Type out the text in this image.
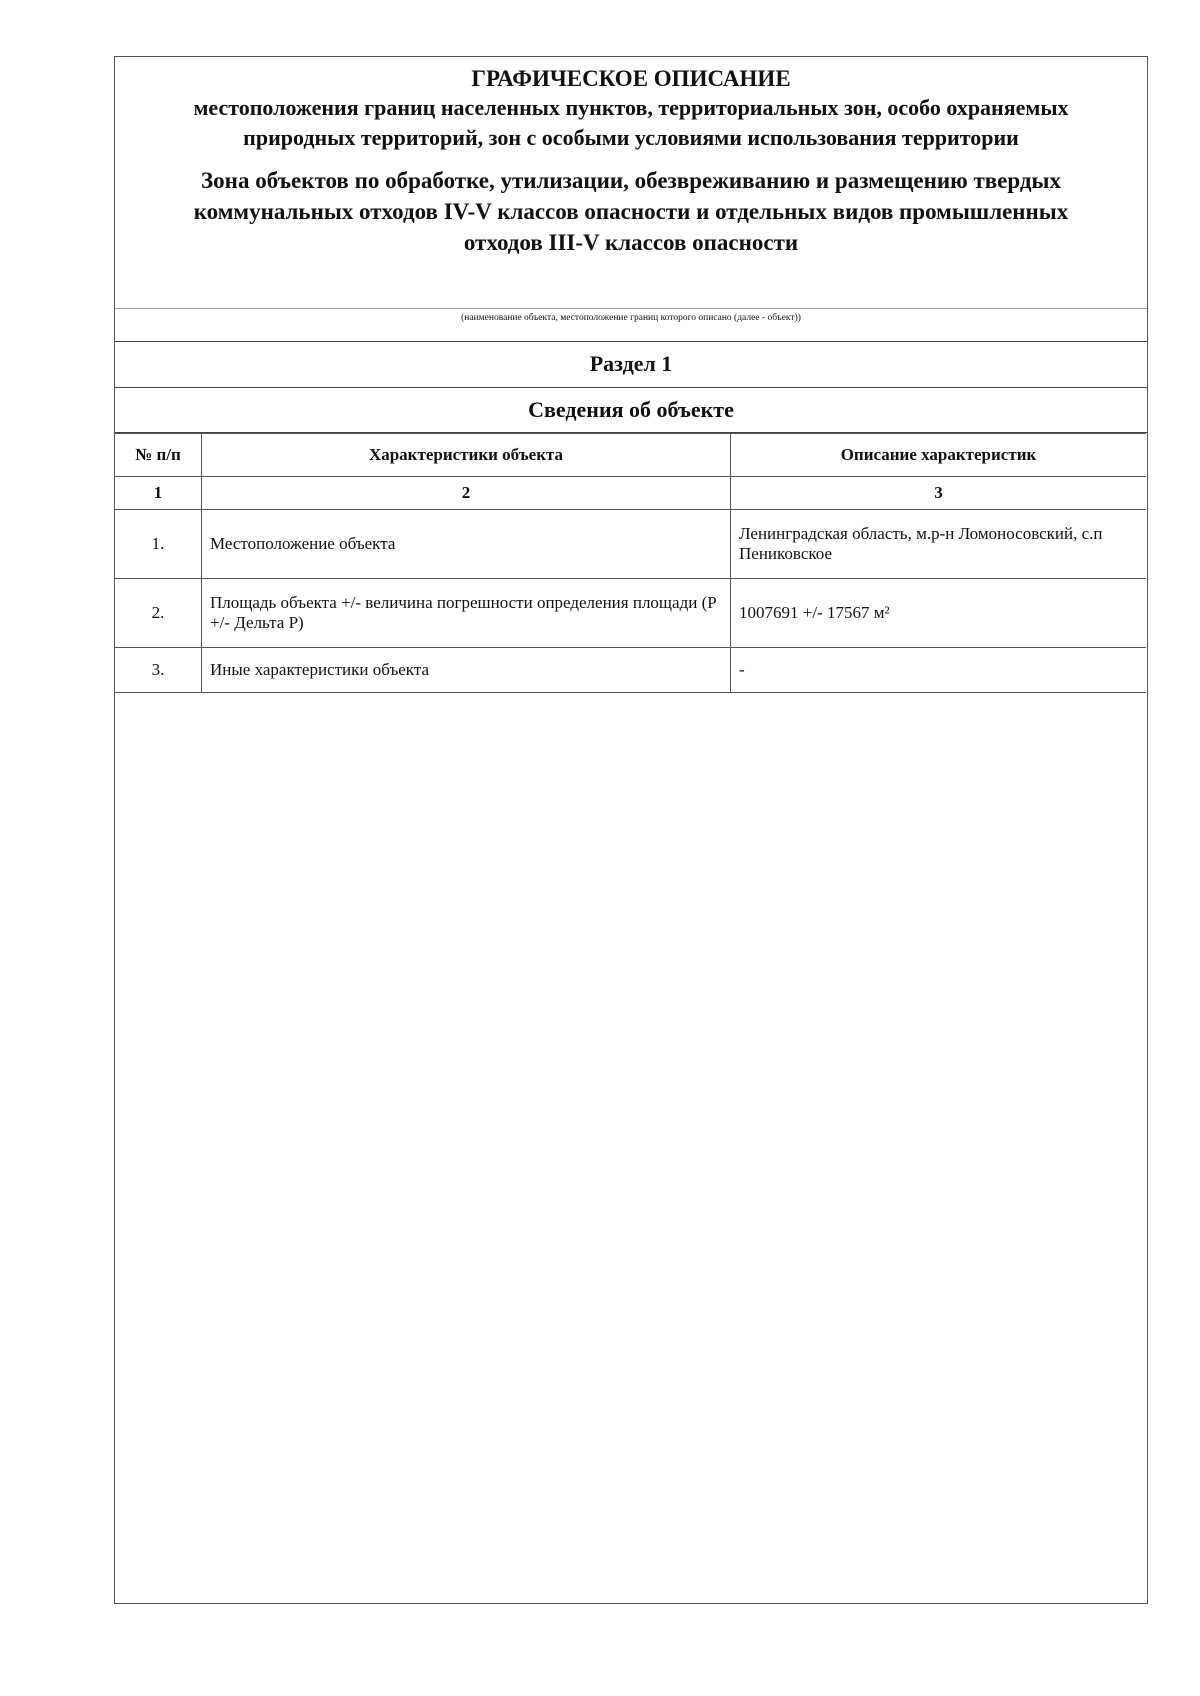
ГРАФИЧЕСКОЕ ОПИСАНИЕ

местоположения границ населенных пунктов, территориальных зон, особо охраняемых природных территорий, зон с особыми условиями использования территории

Зона объектов по обработке, утилизации, обезвреживанию и размещению твердых коммунальных отходов IV-V классов опасности и отдельных видов промышленных отходов III-V классов опасности

(наименование объекта, местоположение границ которого описано (далее - объект))
Раздел 1
Сведения об объекте
№ п/п	Характеристики объекта	Описание характеристик
1	2	3
1.	Местоположение объекта	Ленинградская область, м.р-н Ломоносовский, с.п Пениковское
2.	Площадь объекта +/- величина погрешности определения площади (Р +/- Дельта Р)	1007691 +/- 17567 м²
3.	Иные характеристики объекта	-
